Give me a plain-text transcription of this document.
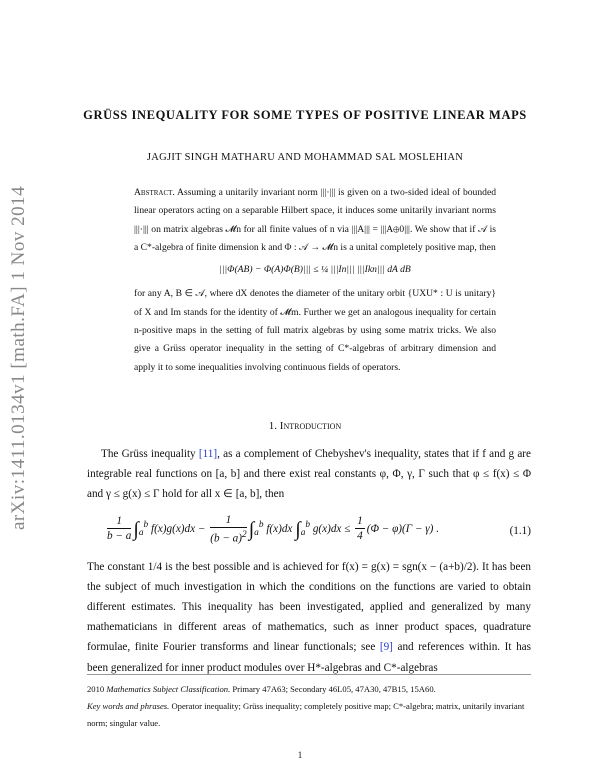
arXiv:1411.0134v1 [math.FA] 1 Nov 2014
GRÜSS INEQUALITY FOR SOME TYPES OF POSITIVE LINEAR MAPS
JAGJIT SINGH MATHARU AND MOHAMMAD SAL MOSLEHIAN
Abstract. Assuming a unitarily invariant norm |||·||| is given on a two-sided ideal of bounded linear operators acting on a separable Hilbert space, it induces some unitarily invariant norms |||·||| on matrix algebras 𝓜n for all finite values of n via |||A||| = |||A⊕0|||. We show that if 𝒜 is a C*-algebra of finite dimension k and Φ : 𝒜 → 𝓜n is a unital completely positive map, then
|||Φ(AB) − Φ(A)Φ(B)||| ≤ ¼ |||In||| |||Ikn||| dA dB
for any A, B ∈ 𝒜, where dX denotes the diameter of the unitary orbit {UXU* : U is unitary} of X and Im stands for the identity of 𝓜m. Further we get an analogous inequality for certain n-positive maps in the setting of full matrix algebras by using some matrix tricks. We also give a Grüss operator inequality in the setting of C*-algebras of arbitrary dimension and apply it to some inequalities involving continuous fields of operators.
1. Introduction

The Grüss inequality [11], as a complement of Chebyshev's inequality, states that if f and g are integrable real functions on [a, b] and there exist real constants φ, Φ, γ, Γ such that φ ≤ f(x) ≤ Φ and γ ≤ g(x) ≤ Γ hold for all x ∈ [a, b], then

$\frac{1}{b - a} \int_a^b$ $f(x)g(x)dx - \frac{1}{(b - a)^2} \int_a^b$ f(x)dx $\int_a^b$ $g(x)dx \le \frac{1}{4} (\Phi - \varphi)(\Gamma - \gamma)$ .	(1.1)

The constant 1/4 is the best possible and is achieved for f(x) = g(x) = sgn(x − (a+b)/2). It has been the subject of much investigation in which the conditions on the functions are varied to obtain different estimates. This inequality has been investigated, applied and generalized by many mathematicians in different areas of mathematics, such as inner product spaces, quadrature formulae, finite Fourier transforms and linear functionals; see [9] and references within. It has been generalized for inner product modules over H*-algebras and C*-algebras

2010 Mathematics Subject Classification. Primary 47A63; Secondary 46L05, 47A30, 47B15, 15A60.

Key words and phrases. Operator inequality; Grüss inequality; completely positive map; C*-algebra; matrix, unitarily invariant norm; singular value.

1
